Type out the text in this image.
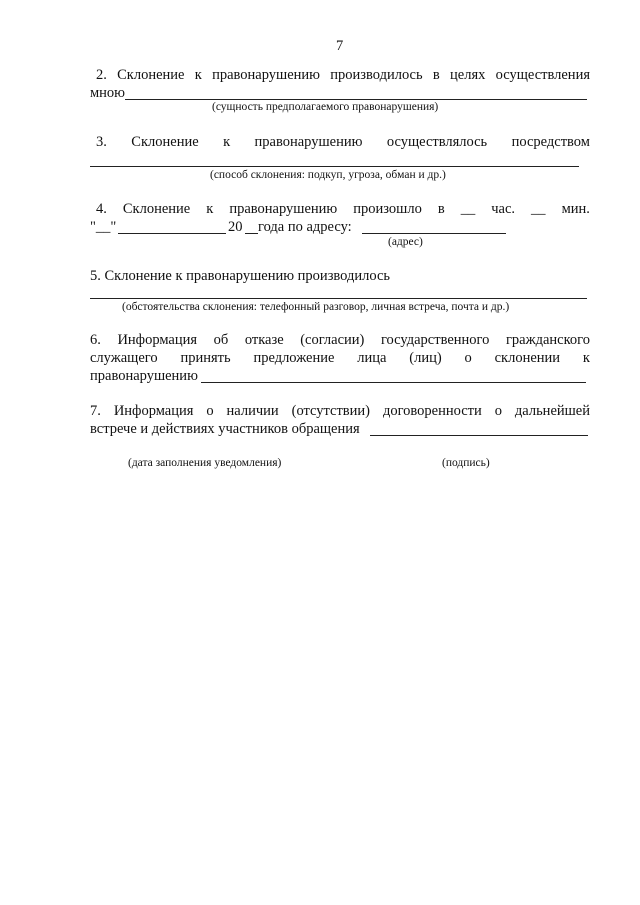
7
2. Склонение к правонарушению производилось в целях осуществления
мною
(сущность предполагаемого правонарушения)
3. Склонение к правонарушению осуществлялось посредством
(способ склонения: подкуп, угроза, обман и др.)
4. Склонение к правонарушению произошло в __ час. __ мин.
"__"	20 года по адресу:
(адрес)
5. Склонение к правонарушению производилось
(обстоятельства склонения: телефонный разговор, личная встреча, почта и др.)
6. Информация об отказе (согласии) государственного гражданского
служащего принять предложение лица (лиц) о склонении к
правонарушению
7. Информация о наличии (отсутствии) договоренности о дальнейшей
встрече и действиях участников обращения
(дата заполнения уведомления)	(подпись)
